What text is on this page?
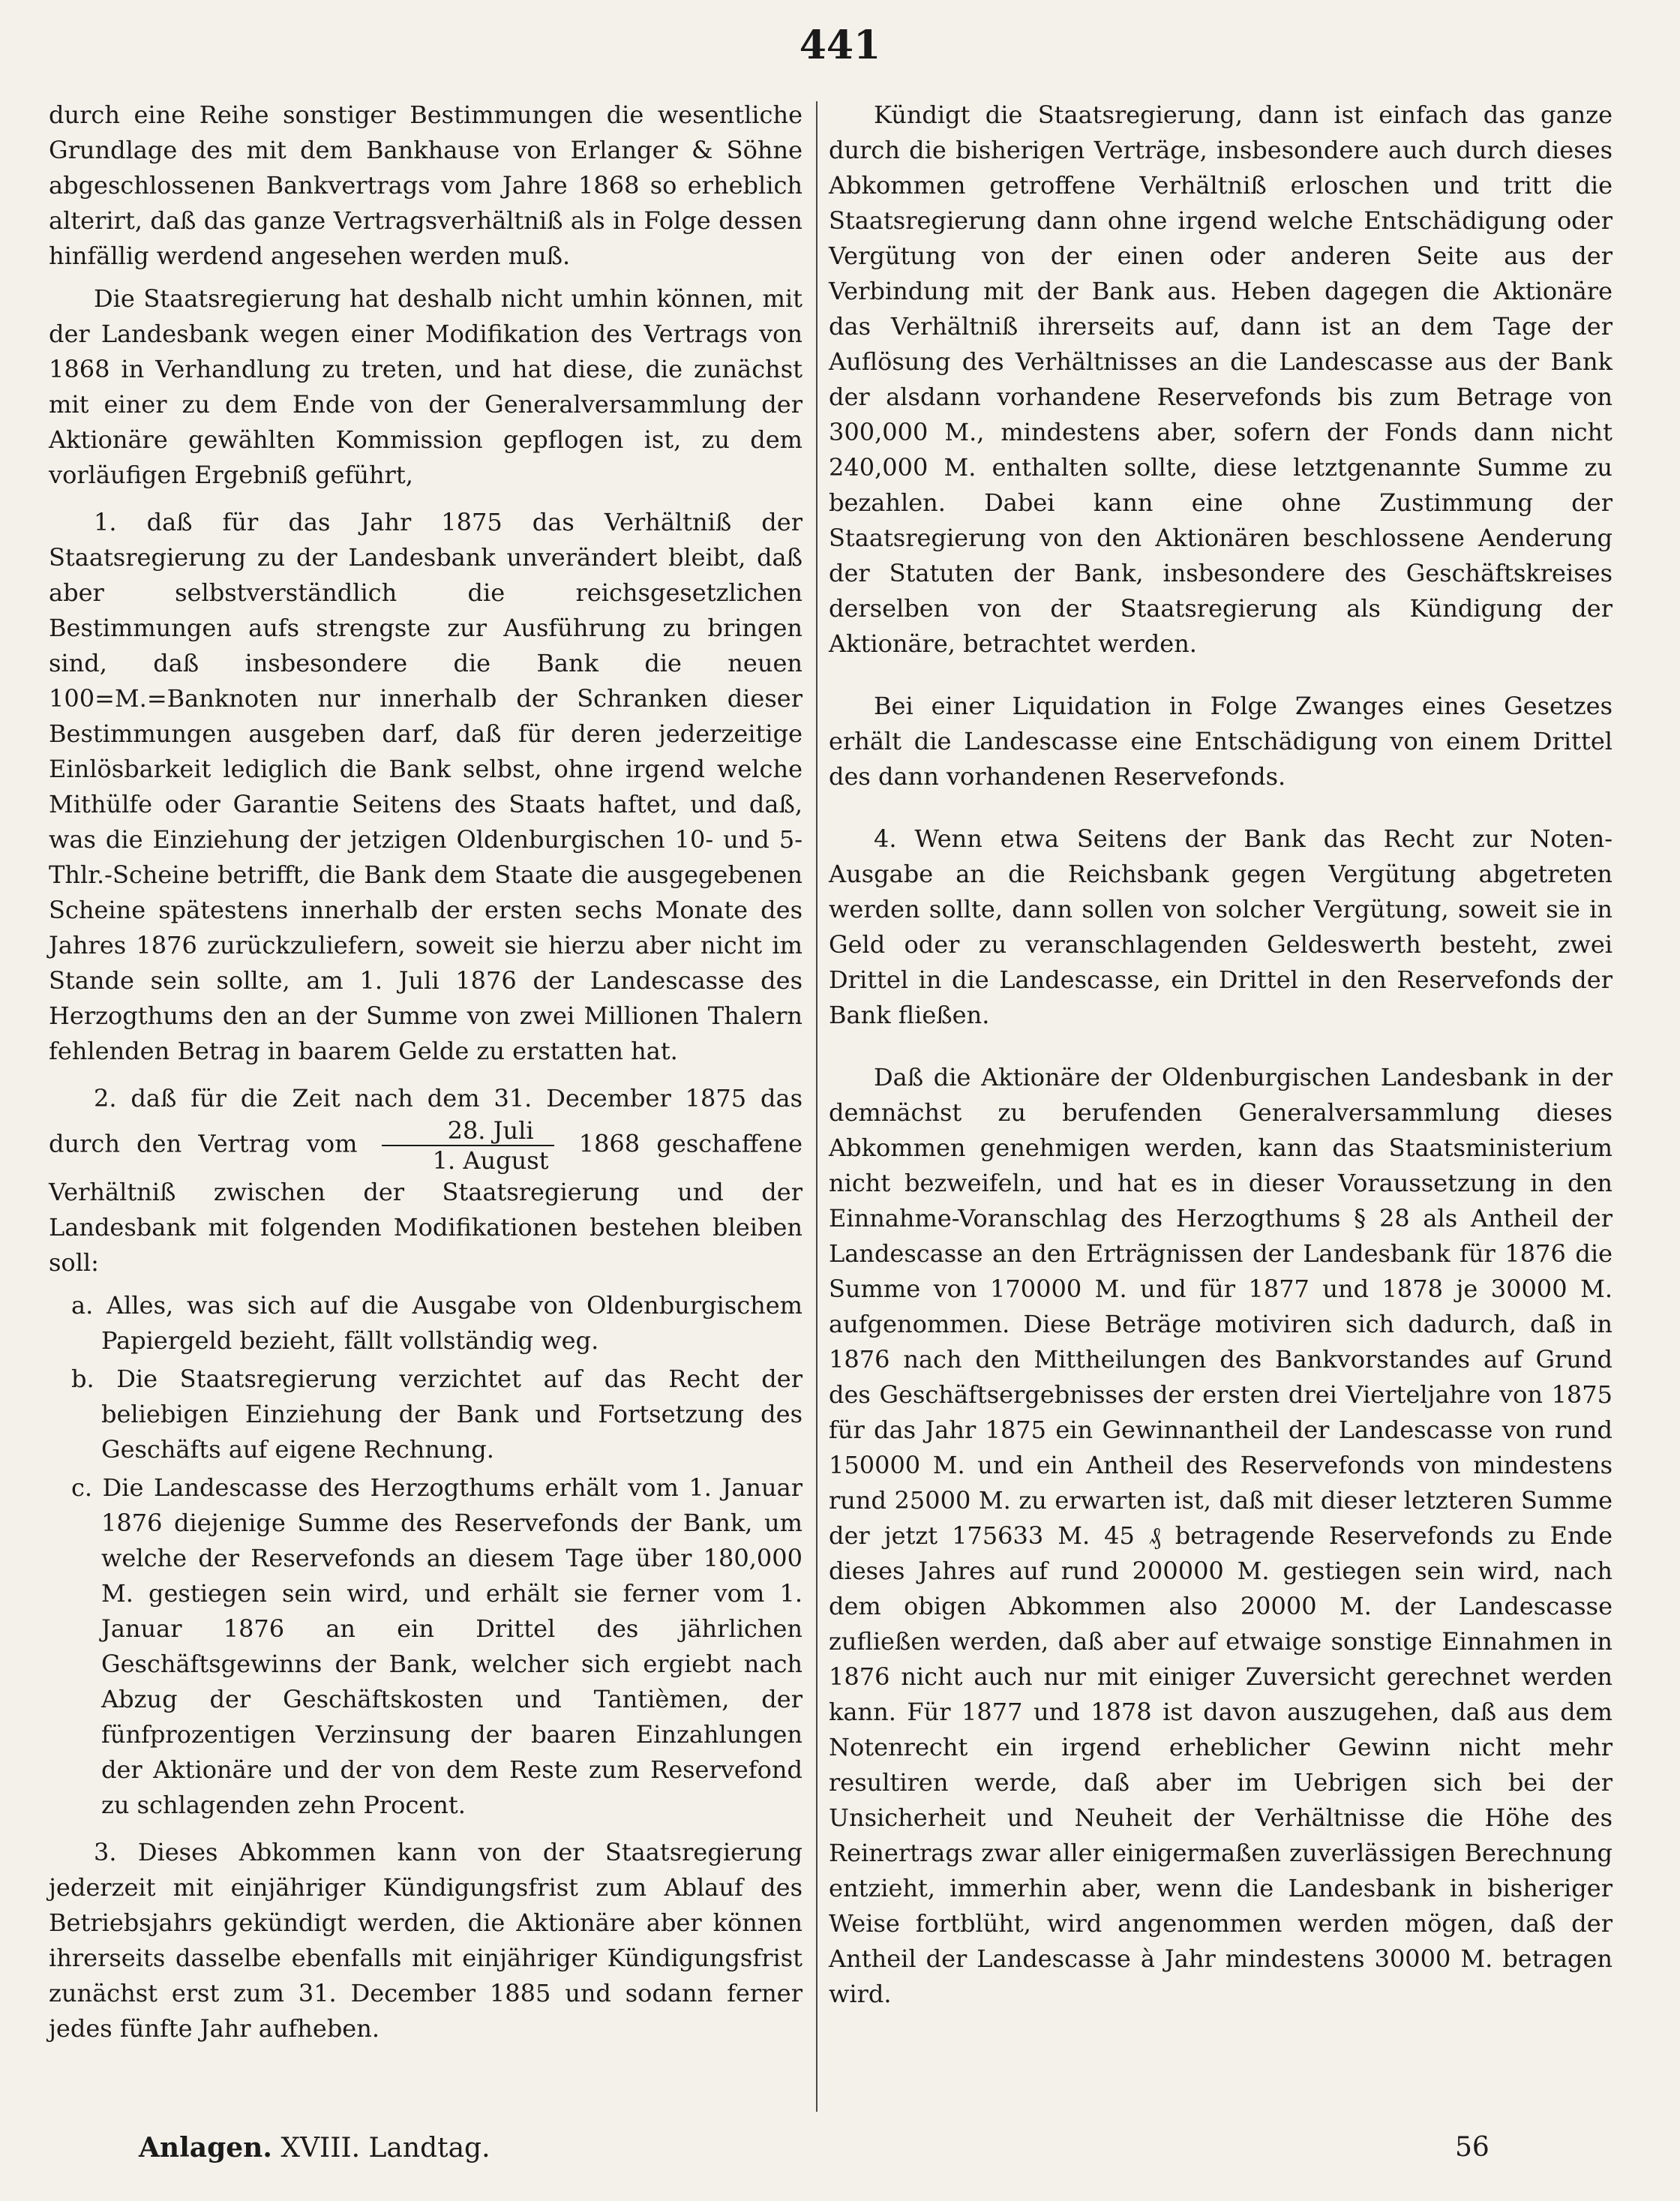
441

durch eine Reihe sonstiger Bestimmungen die wesentliche Grundlage des mit dem Bankhause von Erlanger & Söhne abgeschlossenen Bankvertrags vom Jahre 1868 so erheblich alterirt, daß das ganze Vertragsverhältniß als in Folge dessen hinfällig werdend angesehen werden muß.

Die Staatsregierung hat deshalb nicht umhin können, mit der Landesbank wegen einer Modifikation des Vertrags von 1868 in Verhandlung zu treten, und hat diese, die zunächst mit einer zu dem Ende von der Generalversammlung der Aktionäre gewählten Kommission gepflogen ist, zu dem vorläufigen Ergebniß geführt,

1. daß für das Jahr 1875 das Verhältniß der Staatsregierung zu der Landesbank unverändert bleibt, daß aber selbstverständlich die reichsgesetzlichen Bestimmungen aufs strengste zur Ausführung zu bringen sind, daß insbesondere die Bank die neuen 100=M.=Banknoten nur innerhalb der Schranken dieser Bestimmungen ausgeben darf, daß für deren jederzeitige Einlösbarkeit lediglich die Bank selbst, ohne irgend welche Mithülfe oder Garantie Seitens des Staats haftet, und daß, was die Einziehung der jetzigen Oldenburgischen 10- und 5-Thlr.-Scheine betrifft, die Bank dem Staate die ausgegebenen Scheine spätestens innerhalb der ersten sechs Monate des Jahres 1876 zurückzuliefern, soweit sie hierzu aber nicht im Stande sein sollte, am 1. Juli 1876 der Landescasse des Herzogthums den an der Summe von zwei Millionen Thalern fehlenden Betrag in baarem Gelde zu erstatten hat.

2. daß für die Zeit nach dem 31. December 1875 das durch den Vertrag vom $\frac{\text{28. Juli}}{\text{1. August}} 1868$ geschaffene Verhältniß zwischen der Staatsregierung und der Landesbank mit folgenden Modifikationen bestehen bleiben soll:

a. Alles, was sich auf die Ausgabe von Oldenburgischem Papiergeld bezieht, fällt vollständig weg.

b. Die Staatsregierung verzichtet auf das Recht der beliebigen Einziehung der Bank und Fortsetzung des Geschäfts auf eigene Rechnung.

c. Die Landescasse des Herzogthums erhält vom 1. Januar 1876 diejenige Summe des Reservefonds der Bank, um welche der Reservefonds an diesem Tage über 180,000 M. gestiegen sein wird, und erhält sie ferner vom 1. Januar 1876 an ein Drittel des jährlichen Geschäftsgewinns der Bank, welcher sich ergiebt nach Abzug der Geschäftskosten und Tantièmen, der fünfprozentigen Verzinsung der baaren Einzahlungen der Aktionäre und der von dem Reste zum Reservefond zu schlagenden zehn Procent.

3. Dieses Abkommen kann von der Staatsregierung jederzeit mit einjähriger Kündigungsfrist zum Ablauf des Betriebsjahrs gekündigt werden, die Aktionäre aber können ihrerseits dasselbe ebenfalls mit einjähriger Kündigungsfrist zunächst erst zum 31. December 1885 und sodann ferner jedes fünfte Jahr aufheben.

Kündigt die Staatsregierung, dann ist einfach das ganze durch die bisherigen Verträge, insbesondere auch durch dieses Abkommen getroffene Verhältniß erloschen und tritt die Staatsregierung dann ohne irgend welche Entschädigung oder Vergütung von der einen oder anderen Seite aus der Verbindung mit der Bank aus. Heben dagegen die Aktionäre das Verhältniß ihrerseits auf, dann ist an dem Tage der Auflösung des Verhältnisses an die Landescasse aus der Bank der alsdann vorhandene Reservefonds bis zum Betrage von 300,000 M., mindestens aber, sofern der Fonds dann nicht 240,000 M. enthalten sollte, diese letztgenannte Summe zu bezahlen. Dabei kann eine ohne Zustimmung der Staatsregierung von den Aktionären beschlossene Aenderung der Statuten der Bank, insbesondere des Geschäftskreises derselben von der Staatsregierung als Kündigung der Aktionäre, betrachtet werden.

Bei einer Liquidation in Folge Zwanges eines Gesetzes erhält die Landescasse eine Entschädigung von einem Drittel des dann vorhandenen Reservefonds.

4. Wenn etwa Seitens der Bank das Recht zur Noten-Ausgabe an die Reichsbank gegen Vergütung abgetreten werden sollte, dann sollen von solcher Vergütung, soweit sie in Geld oder zu veranschlagenden Geldeswerth besteht, zwei Drittel in die Landescasse, ein Drittel in den Reservefonds der Bank fließen.

Daß die Aktionäre der Oldenburgischen Landesbank in der demnächst zu berufenden Generalversammlung dieses Abkommen genehmigen werden, kann das Staatsministerium nicht bezweifeln, und hat es in dieser Voraussetzung in den Einnahme-Voranschlag des Herzogthums § 28 als Antheil der Landescasse an den Erträgnissen der Landesbank für 1876 die Summe von 170000 M. und für 1877 und 1878 je 30000 M. aufgenommen. Diese Beträge motiviren sich dadurch, daß in 1876 nach den Mittheilungen des Bankvorstandes auf Grund des Geschäftsergebnisses der ersten drei Vierteljahre von 1875 für das Jahr 1875 ein Gewinnantheil der Landescasse von rund 150000 M. und ein Antheil des Reservefonds von mindestens rund 25000 M. zu erwarten ist, daß mit dieser letzteren Summe der jetzt 175633 M. 45 ₰ betragende Reservefonds zu Ende dieses Jahres auf rund 200000 M. gestiegen sein wird, nach dem obigen Abkommen also 20000 M. der Landescasse zufließen werden, daß aber auf etwaige sonstige Einnahmen in 1876 nicht auch nur mit einiger Zuversicht gerechnet werden kann. Für 1877 und 1878 ist davon auszugehen, daß aus dem Notenrecht ein irgend erheblicher Gewinn nicht mehr resultiren werde, daß aber im Uebrigen sich bei der Unsicherheit und Neuheit der Verhältnisse die Höhe des Reinertrags zwar aller einigermaßen zuverlässigen Berechnung entzieht, immerhin aber, wenn die Landesbank in bisheriger Weise fortblüht, wird angenommen werden mögen, daß der Antheil der Landescasse à Jahr mindestens 30000 M. betragen wird.

Anlagen. XVIII. Landtag.	56
